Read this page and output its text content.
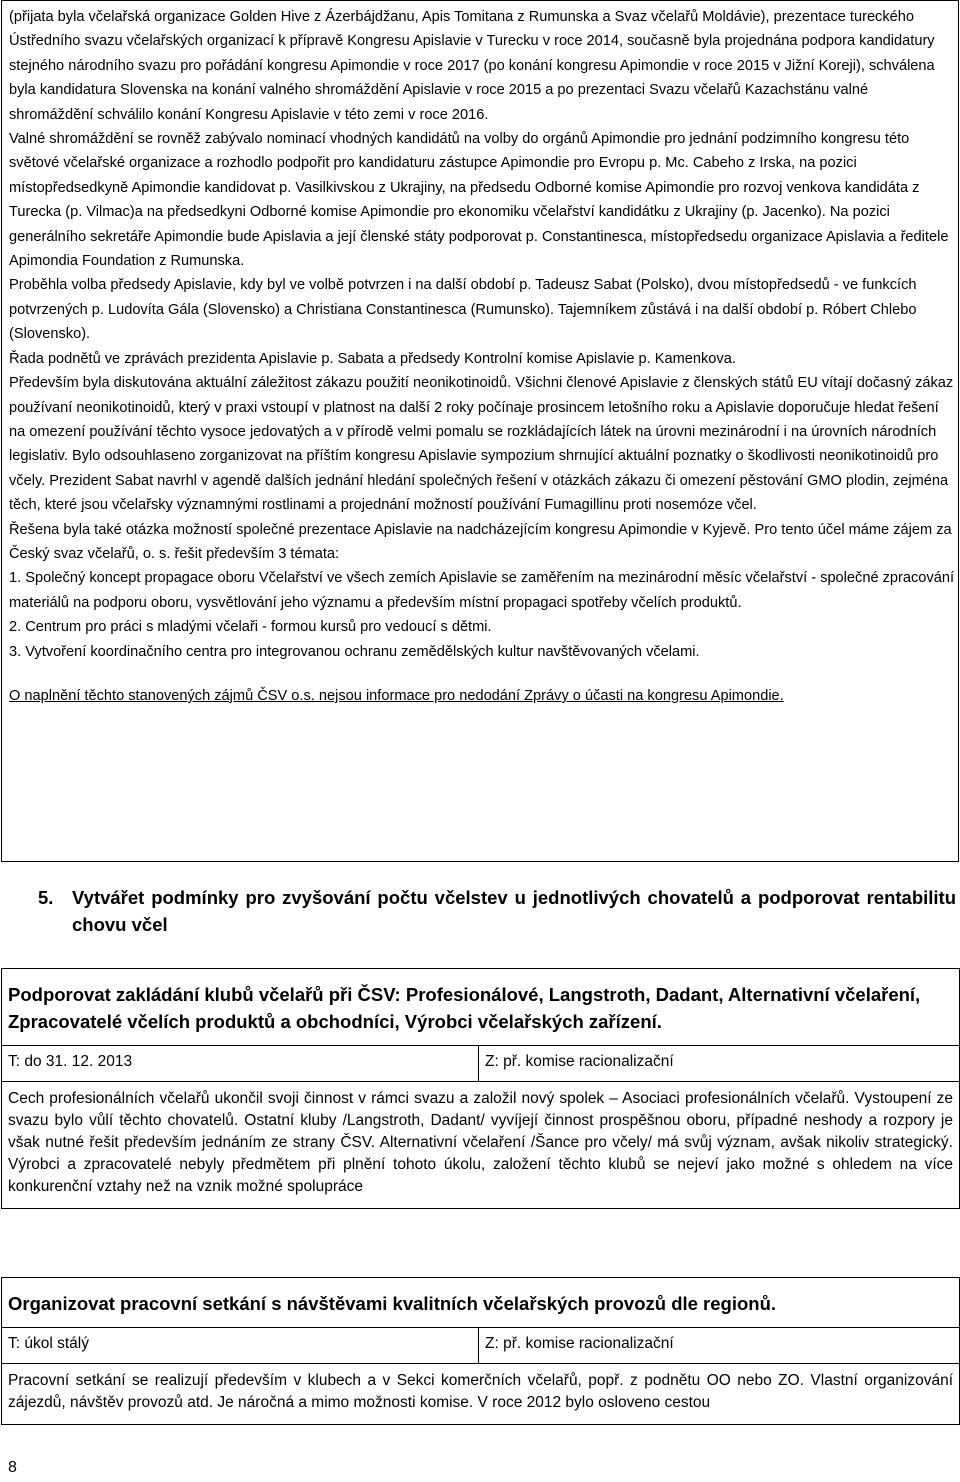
(přijata byla včelařská organizace Golden Hive z Ázerbájdžanu, Apis Tomitana z Rumunska a Svaz včelařů Moldávie), prezentace tureckého Ústředního svazu včelařských organizací k přípravě Kongresu Apislavie v Turecku v roce 2014, současně byla projednána podpora kandidatury stejného národního svazu pro pořádání kongresu Apimondie v roce 2017 (po konání kongresu Apimondie v roce 2015 v Jižní Koreji), schválena byla kandidatura Slovenska na konání valného shromáždění Apislavie v roce 2015 a po prezentaci Svazu včelařů Kazachstánu valné shromáždění schválilo konání Kongresu Apislavie v této zemi v roce 2016.

Valné shromáždění se rovněž zabývalo nominací vhodných kandidátů na volby do orgánů Apimondie pro jednání podzimního kongresu této světové včelařské organizace a rozhodlo podpořit pro kandidaturu zástupce Apimondie pro Evropu p. Mc. Cabeho z Irska, na pozici místopředsedkyně Apimondie kandidovat p. Vasilkivskou z Ukrajiny, na předsedu Odborné komise Apimondie pro rozvoj venkova kandidáta z Turecka (p. Vilmac)a na předsedkyni Odborné komise Apimondie pro ekonomiku včelařství kandidátku z Ukrajiny (p. Jacenko). Na pozici generálního sekretáře Apimondie bude Apislavia a její členské státy podporovat p. Constantinesca, místopředsedu organizace Apislavia a ředitele Apimondia Foundation z Rumunska.

Proběhla volba předsedy Apislavie, kdy byl ve volbě potvrzen i na další období p. Tadeusz Sabat (Polsko), dvou místopředsedů - ve funkcích potvrzených p. Ludovíta Gála (Slovensko) a Christiana Constantinesca (Rumunsko). Tajemníkem zůstává i na další období p. Róbert Chlebo (Slovensko).

Řada podnětů ve zprávách prezidenta Apislavie p. Sabata a předsedy Kontrolní komise Apislavie p. Kamenkova.

Především byla diskutována aktuální záležitost zákazu použití neonikotinoidů. Všichni členové Apislavie z členských států EU vítají dočasný zákaz používaní neonikotinoidů, který v praxi vstoupí v platnost na další 2 roky počínaje prosincem letošního roku a Apislavie doporučuje hledat řešení na omezení používání těchto vysoce jedovatých a v přírodě velmi pomalu se rozkládajících látek na úrovni mezinárodní i na úrovních národních legislativ. Bylo odsouhlaseno zorganizovat na příštím kongresu Apislavie sympozium shrnující aktuální poznatky o škodlivosti neonikotinoidů pro včely. Prezident Sabat navrhl v agendě dalších jednání hledání společných řešení v otázkách zákazu či omezení pěstování GMO plodin, zejména těch, které jsou včelařsky významnými rostlinami a projednání možností používání Fumagillinu proti nosemóze včel.

Řešena byla také otázka možností společné prezentace Apislavie na nadcházejícím kongresu Apimondie v Kyjevě. Pro tento účel máme zájem za Český svaz včelařů, o. s. řešit především 3 témata:

1. Společný koncept propagace oboru Včelařství ve všech zemích Apislavie se zaměřením na mezinárodní měsíc včelařství - společné zpracování materiálů na podporu oboru, vysvětlování jeho významu a především místní propagaci spotřeby včelích produktů.

2. Centrum pro práci s mladými včelaři - formou kursů pro vedoucí s dětmi.

3. Vytvoření koordinačního centra pro integrovanou ochranu zemědělských kultur navštěvovaných včelami.

O naplnění těchto stanovených zájmů ČSV o.s. nejsou informace pro nedodání Zprávy o účasti na kongresu Apimondie.

5. Vytvářet podmínky pro zvyšování počtu včelstev u jednotlivých chovatelů a podporovat rentabilitu chovu včel
Podporovat zakládání klubů včelařů při ČSV: Profesionálové, Langstroth, Dadant, Alternativní včelaření, Zpracovatelé včelích produktů a obchodníci, Výrobci včelařských zařízení.
T: do 31. 12. 2013	Z: př. komise racionalizační
Cech profesionálních včelařů ukončil svoji činnost v rámci svazu a založil nový spolek – Asociaci profesionálních včelařů. Vystoupení ze svazu bylo vůlí těchto chovatelů. Ostatní kluby /Langstroth, Dadant/ vyvíjejí činnost prospěšnou oboru, případné neshody a rozpory je však nutné řešit především jednáním ze strany ČSV. Alternativní včelaření /Šance pro včely/ má svůj význam, avšak nikoliv strategický. Výrobci a zpracovatelé nebyly předmětem při plnění tohoto úkolu, založení těchto klubů se nejeví jako možné s ohledem na více konkurenční vztahy než na vznik možné spolupráce
Organizovat pracovní setkání s návštěvami kvalitních včelařských provozů dle regionů.
T: úkol stálý	Z: př. komise racionalizační
Pracovní setkání se realizují především v klubech a v Sekci komerčních včelařů, popř. z podnětu OO nebo ZO. Vlastní organizování zájezdů, návštěv provozů atd. Je náročná a mimo možnosti komise. V roce 2012 bylo osloveno cestou
8
